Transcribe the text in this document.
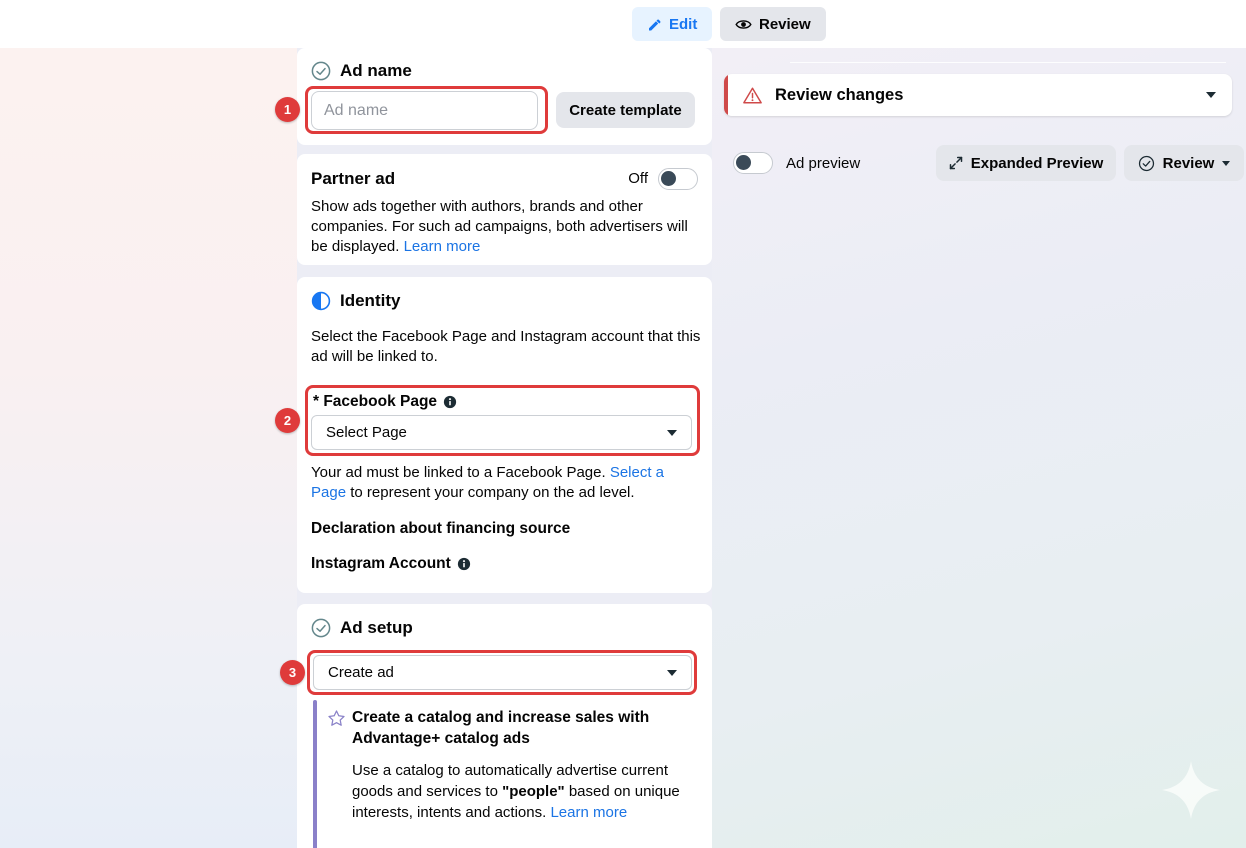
Edit	Review
Review changes
Ad preview	Expanded Preview	Review
Ad name
Ad name
Create template
1
Partner ad	Off
Show ads together with authors, brands and other companies. For such ad campaigns, both advertisers will be displayed. Learn more
Identity
Select the Facebook Page and Instagram account that this ad will be linked to.
* Facebook Page
Select Page
2
Your ad must be linked to a Facebook Page. Select a Page to represent your company on the ad level.
Declaration about financing source
Instagram Account
Ad setup
Create ad
3
Create a catalog and increase sales with Advantage+ catalog ads
Use a catalog to automatically advertise current goods and services to "people" based on unique interests, intents and actions. Learn more
